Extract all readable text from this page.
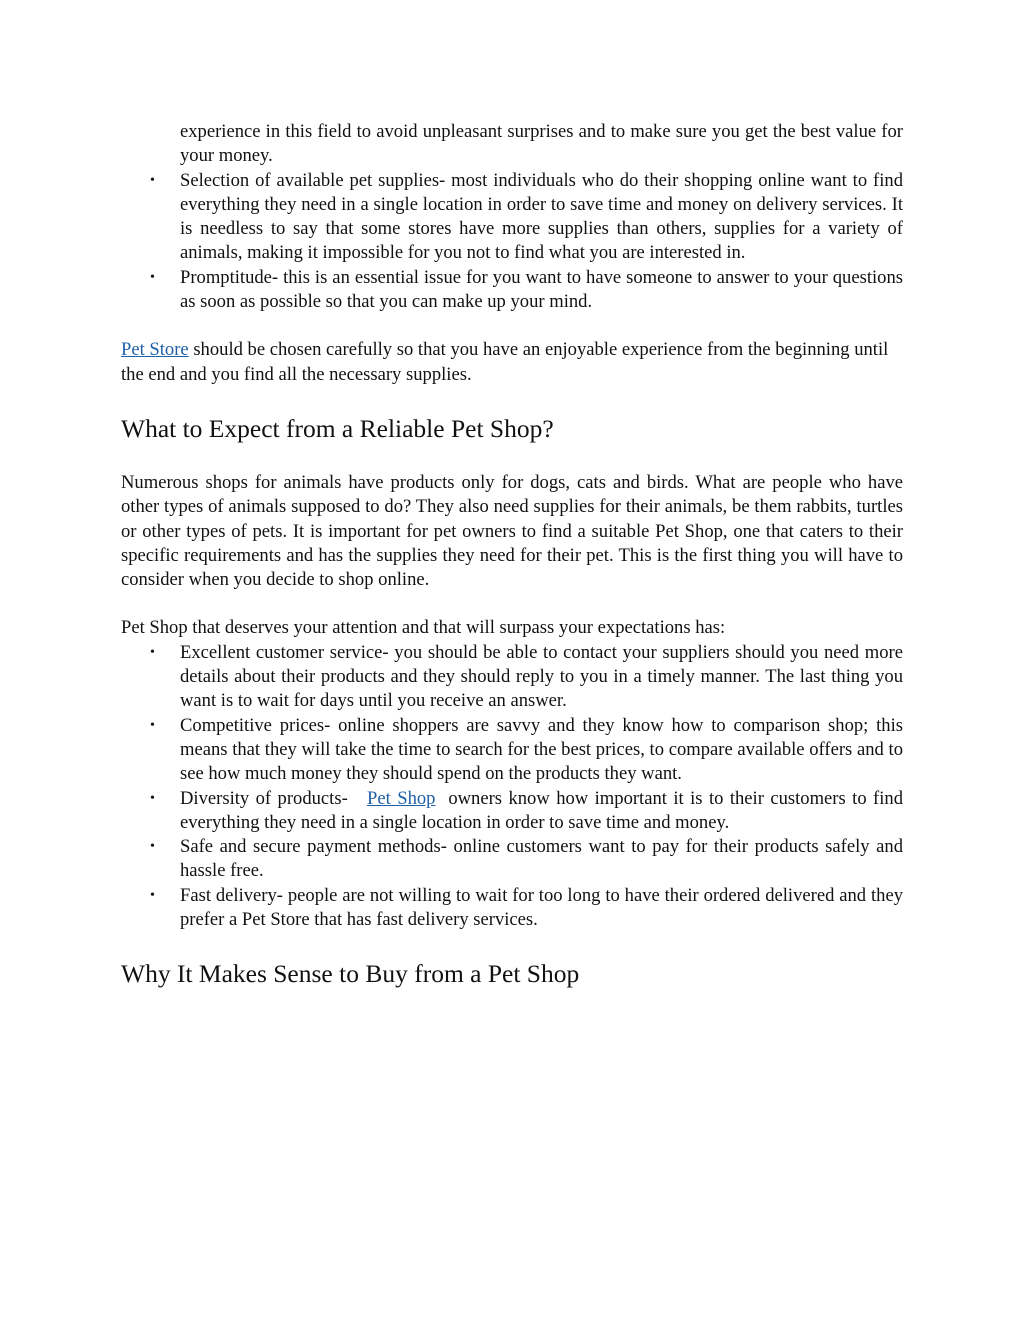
experience in this field to avoid unpleasant surprises and to make sure you get the best value for your money.
• Selection of available pet supplies- most individuals who do their shopping online want to find everything they need in a single location in order to save time and money on delivery services. It is needless to say that some stores have more supplies than others, supplies for a variety of animals, making it impossible for you not to find what you are interested in.
• Promptitude- this is an essential issue for you want to have someone to answer to your questions as soon as possible so that you can make up your mind.

Pet Store should be chosen carefully so that you have an enjoyable experience from the beginning until the end and you find all the necessary supplies.

What to Expect from a Reliable Pet Shop?

Numerous shops for animals have products only for dogs, cats and birds. What are people who have other types of animals supposed to do? They also need supplies for their animals, be them rabbits, turtles or other types of pets. It is important for pet owners to find a suitable Pet Shop, one that caters to their specific requirements and has the supplies they need for their pet. This is the first thing you will have to consider when you decide to shop online.

Pet Shop that deserves your attention and that will surpass your expectations has:

• Excellent customer service- you should be able to contact your suppliers should you need more details about their products and they should reply to you in a timely manner. The last thing you want is to wait for days until you receive an answer.
• Competitive prices- online shoppers are savvy and they know how to comparison shop; this means that they will take the time to search for the best prices, to compare available offers and to see how much money they should spend on the products they want.
• Diversity of products- Pet Shop owners know how important it is to their customers to find everything they need in a single location in order to save time and money.
• Safe and secure payment methods- online customers want to pay for their products safely and hassle free.
• Fast delivery- people are not willing to wait for too long to have their ordered delivered and they prefer a Pet Store that has fast delivery services.
Why It Makes Sense to Buy from a Pet Shop
